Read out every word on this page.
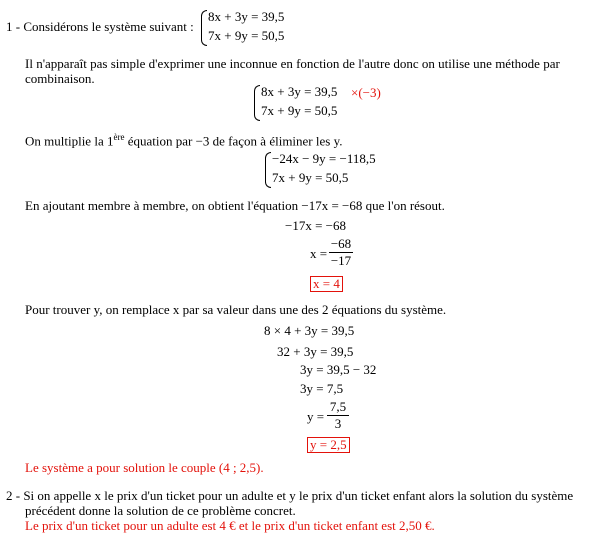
1 - Considérons le système suivant :
8x + 3y = 39,5
7x + 9y = 50,5
Il n'apparaît pas simple d'exprimer une inconnue en fonction de l'autre donc on utilise une méthode par
combinaison.
8x + 3y = 39,5
7x + 9y = 50,5
×(−3)
On multiplie la 1ère équation par −3 de façon à éliminer les y.
−24x − 9y = −118,5
7x + 9y = 50,5
En ajoutant membre à membre, on obtient l'équation −17x = −68 que l'on résout.
−17x = −68
x =
−68
−17
x = 4
Pour trouver y, on remplace x par sa valeur dans une des 2 équations du système.
8 × 4 + 3y = 39,5
32 + 3y = 39,5
3y = 39,5 − 32
3y = 7,5
y =
7,5
3
y = 2,5
Le système a pour solution le couple (4 ; 2,5).
2 - Si on appelle x le prix d'un ticket pour un adulte et y le prix d'un ticket enfant alors la solution du système
précédent donne la solution de ce problème concret.
Le prix d'un ticket pour un adulte est 4 € et le prix d'un ticket enfant est 2,50 €.
